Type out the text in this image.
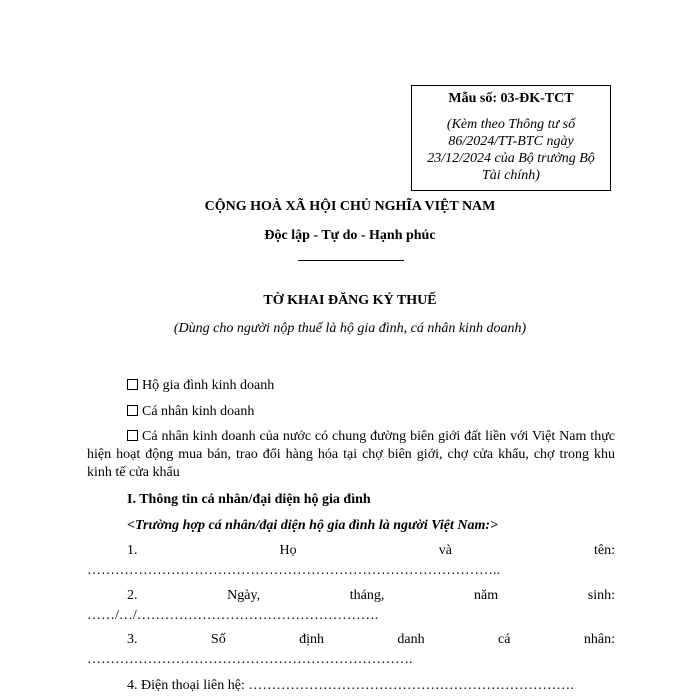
Mẫu số: 03-ĐK-TCT
(Kèm theo Thông tư số 86/2024/TT-BTC ngày 23/12/2024 của Bộ trưởng Bộ Tài chính)
CỘNG HOÀ XÃ HỘI CHỦ NGHĨA VIỆT NAM
Độc lập - Tự do - Hạnh phúc
TỜ KHAI ĐĂNG KÝ THUẾ
(Dùng cho người nộp thuế là hộ gia đình, cá nhân kinh doanh)
Hộ gia đình kinh doanh
Cá nhân kinh doanh
Cá nhân kinh doanh của nước có chung đường biên giới đất liền với Việt Nam thực hiện hoạt động mua bán, trao đổi hàng hóa tại chợ biên giới, chợ cửa khẩu, chợ trong khu kinh tế cửa khẩu
I. Thông tin cá nhân/đại diện hộ gia đình
<Trường hợp cá nhân/đại diện hộ gia đình là người Việt Nam:>
1.	Họ	và	tên:
……………………………………………………………………………..
2.	Ngày,	tháng,	năm	sinh:
……/…/…………………………………………….
3.	Số	định	danh	cá	nhân:
…………………………………………………………….
4. Điện thoại liên hệ: …………………………………………………………….
